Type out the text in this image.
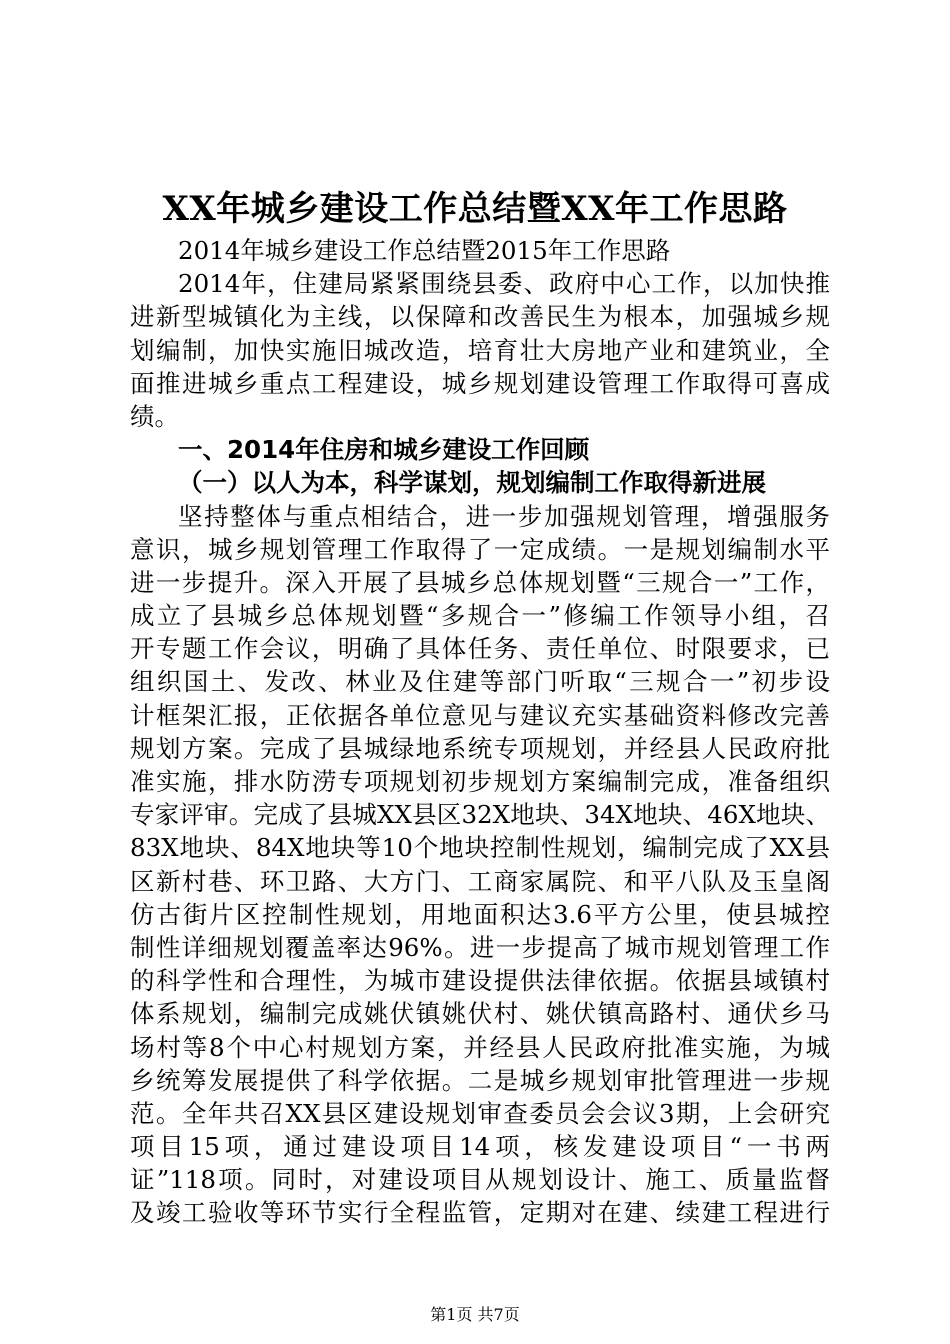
XX年城乡建设工作总结暨XX年工作思路
2014年城乡建设工作总结暨2015年工作思路
2014年，住建局紧紧围绕县委、政府中心工作，以加快推
进新型城镇化为主线，以保障和改善民生为根本，加强城乡规
划编制，加快实施旧城改造，培育壮大房地产业和建筑业，全
面推进城乡重点工程建设，城乡规划建设管理工作取得可喜成
绩。
一、2014年住房和城乡建设工作回顾
（一）以人为本，科学谋划，规划编制工作取得新进展
坚持整体与重点相结合，进一步加强规划管理，增强服务
意识，城乡规划管理工作取得了一定成绩。一是规划编制水平
进一步提升。深入开展了县城乡总体规划暨“三规合一”工作，
成立了县城乡总体规划暨“多规合一”修编工作领导小组，召
开专题工作会议，明确了具体任务、责任单位、时限要求，已
组织国土、发改、林业及住建等部门听取“三规合一”初步设
计框架汇报，正依据各单位意见与建议充实基础资料修改完善
规划方案。完成了县城绿地系统专项规划，并经县人民政府批
准实施，排水防涝专项规划初步规划方案编制完成，准备组织
专家评审。完成了县城XX县区32X地块、34X地块、46X地块、
83X地块、84X地块等10个地块控制性规划，编制完成了XX县
区新村巷、环卫路、大方门、工商家属院、和平八队及玉皇阁
仿古街片区控制性规划，用地面积达3.6平方公里，使县城控
制性详细规划覆盖率达96%。进一步提高了城市规划管理工作
的科学性和合理性，为城市建设提供法律依据。依据县域镇村
体系规划，编制完成姚伏镇姚伏村、姚伏镇高路村、通伏乡马
场村等8个中心村规划方案，并经县人民政府批准实施，为城
乡统筹发展提供了科学依据。二是城乡规划审批管理进一步规
范。全年共召XX县区建设规划审查委员会会议3期，上会研究
项目15项，通过建设项目14项，核发建设项目“一书两
证”118项。同时，对建设项目从规划设计、施工、质量监督
及竣工验收等环节实行全程监管，定期对在建、续建工程进行
第1页 共7页
